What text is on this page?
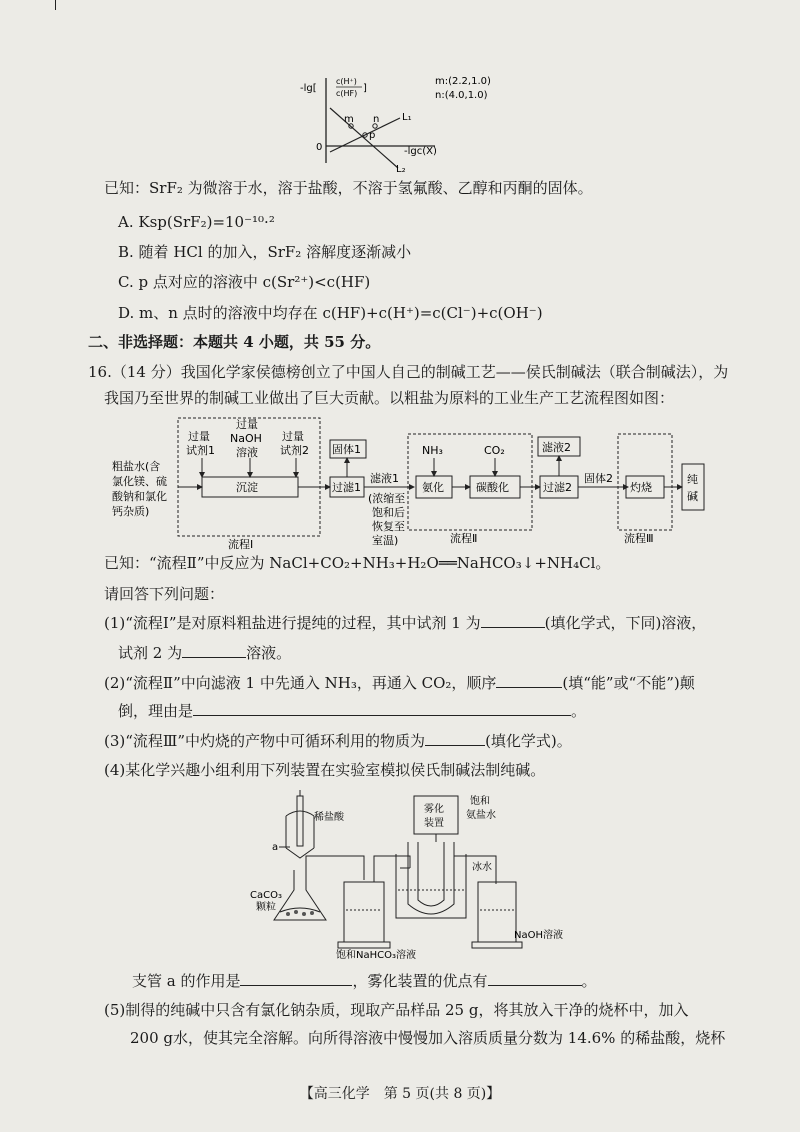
-lg[
c(H⁺)
c(HF) ]
m:(2.2,1.0)
n:(4.0,1.0)
0	-lgc(X)
L₁
L₂
m n
p
已知：SrF₂ 为微溶于水，溶于盐酸，不溶于氢氟酸、乙醇和丙酮的固体。
A. Ksp(SrF₂)=10⁻¹⁰·²
B. 随着 HCl 的加入，SrF₂ 溶解度逐渐减小
C. p 点对应的溶液中 c(Sr²⁺)<c(HF)
D. m、n 点时的溶液中均存在 c(HF)+c(H⁺)=c(Cl⁻)+c(OH⁻)
二、非选择题：本题共 4 小题，共 55 分。
16.（14 分）我国化学家侯德榜创立了中国人自己的制碱工艺——侯氏制碱法（联合制碱法），为
我国乃至世界的制碱工业做出了巨大贡献。以粗盐为原料的工业生产工艺流程图如图：
粗盐水(含
氯化镁、硫
酸钠和氯化
钙杂质)
沉淀
过量
试剂1
过量
NaOH
溶液
过量
试剂2
流程Ⅰ
过滤1
固体1
滤液1
(浓缩至
饱和后
恢复至
室温)
氨化
NH₃
碳酸化
CO₂
流程Ⅱ
过滤2
滤液2
固体2
灼烧
流程Ⅲ
纯
碱
已知：“流程Ⅱ”中反应为 NaCl+CO₂+NH₃+H₂O══NaHCO₃↓+NH₄Cl。
请回答下列问题：
(1)“流程Ⅰ”是对原料粗盐进行提纯的过程，其中试剂 1 为	(填化学式，下同)溶液，
试剂 2 为	溶液。
(2)“流程Ⅱ”中向滤液 1 中先通入 NH₃，再通入 CO₂，顺序	(填“能”或“不能”)颠
倒，理由是	。
(3)“流程Ⅲ”中灼烧的产物中可循环利用的物质为	(填化学式)。
(4)某化学兴趣小组利用下列装置在实验室模拟侯氏制碱法制纯碱。
稀盐酸
a
CaCO₃
颗粒
饱和NaHCO₃溶液
雾化
装置
饱和
氨盐水
冰水
NaOH溶液
支管 a 的作用是	，雾化装置的优点有	。
(5)制得的纯碱中只含有氯化钠杂质，现取产品样品 25 g，将其放入干净的烧杯中，加入
200 g水，使其完全溶解。向所得溶液中慢慢加入溶质质量分数为 14.6% 的稀盐酸，烧杯
【高三化学　第 5 页(共 8 页)】
